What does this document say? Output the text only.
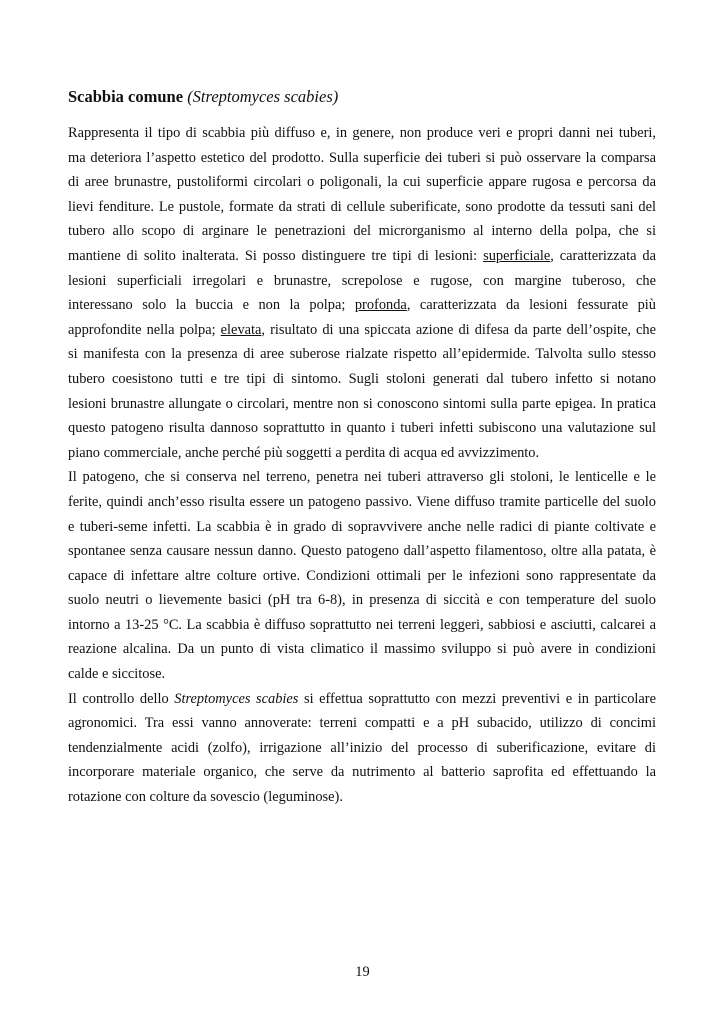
Scabbia comune (Streptomyces scabies)
Rappresenta il tipo di scabbia più diffuso e, in genere, non produce veri e propri danni nei tuberi,
ma deteriora l’aspetto estetico del prodotto. Sulla superficie dei tuberi si può osservare la comparsa
di aree brunastre, pustoliformi circolari o poligonali, la cui superficie appare rugosa e percorsa da
lievi fenditure. Le pustole, formate da strati di cellule suberificate, sono prodotte da tessuti sani del
tubero allo scopo di arginare le penetrazioni del microrganismo al interno della polpa, che si
mantiene di solito inalterata. Si posso distinguere tre tipi di lesioni: superficiale, caratterizzata da
lesioni superficiali irregolari e brunastre, screpolose e rugose, con margine tuberoso, che
interessano solo la buccia e non la polpa; profonda, caratterizzata da lesioni fessurate più
approfondite nella polpa; elevata, risultato di una spiccata azione di difesa da parte dell’ospite, che
si manifesta con la presenza di aree suberose rialzate rispetto all’epidermide. Talvolta sullo stesso
tubero coesistono tutti e tre tipi di sintomo. Sugli stoloni generati dal tubero infetto si notano
lesioni brunastre allungate o circolari, mentre non si conoscono sintomi sulla parte epigea. In pratica
questo patogeno risulta dannoso soprattutto in quanto i tuberi infetti subiscono una valutazione sul
piano commerciale, anche perché più soggetti a perdita di acqua ed avvizzimento.
Il patogeno, che si conserva nel terreno, penetra nei tuberi attraverso gli stoloni, le lenticelle e le
ferite, quindi anch’esso risulta essere un patogeno passivo. Viene diffuso tramite particelle del suolo
e tuberi-seme infetti. La scabbia è in grado di sopravvivere anche nelle radici di piante coltivate e
spontanee senza causare nessun danno. Questo patogeno dall’aspetto filamentoso, oltre alla patata, è
capace di infettare altre colture ortive. Condizioni ottimali per le infezioni sono rappresentate da
suolo neutri o lievemente basici (pH tra 6-8), in presenza di siccità e con temperature del suolo
intorno a 13-25 °C. La scabbia è diffuso soprattutto nei terreni leggeri, sabbiosi e asciutti, calcarei a
reazione alcalina. Da un punto di vista climatico il massimo sviluppo si può avere in condizioni
calde e siccitose.
Il controllo dello Streptomyces scabies si effettua soprattutto con mezzi preventivi e in particolare
agronomici. Tra essi vanno annoverate: terreni compatti e a pH subacido, utilizzo di concimi
tendenzialmente acidi (zolfo), irrigazione all’inizio del processo di suberificazione, evitare di
incorporare materiale organico, che serve da nutrimento al batterio saprofita ed effettuando la
rotazione con colture da sovescio (leguminose).
19
